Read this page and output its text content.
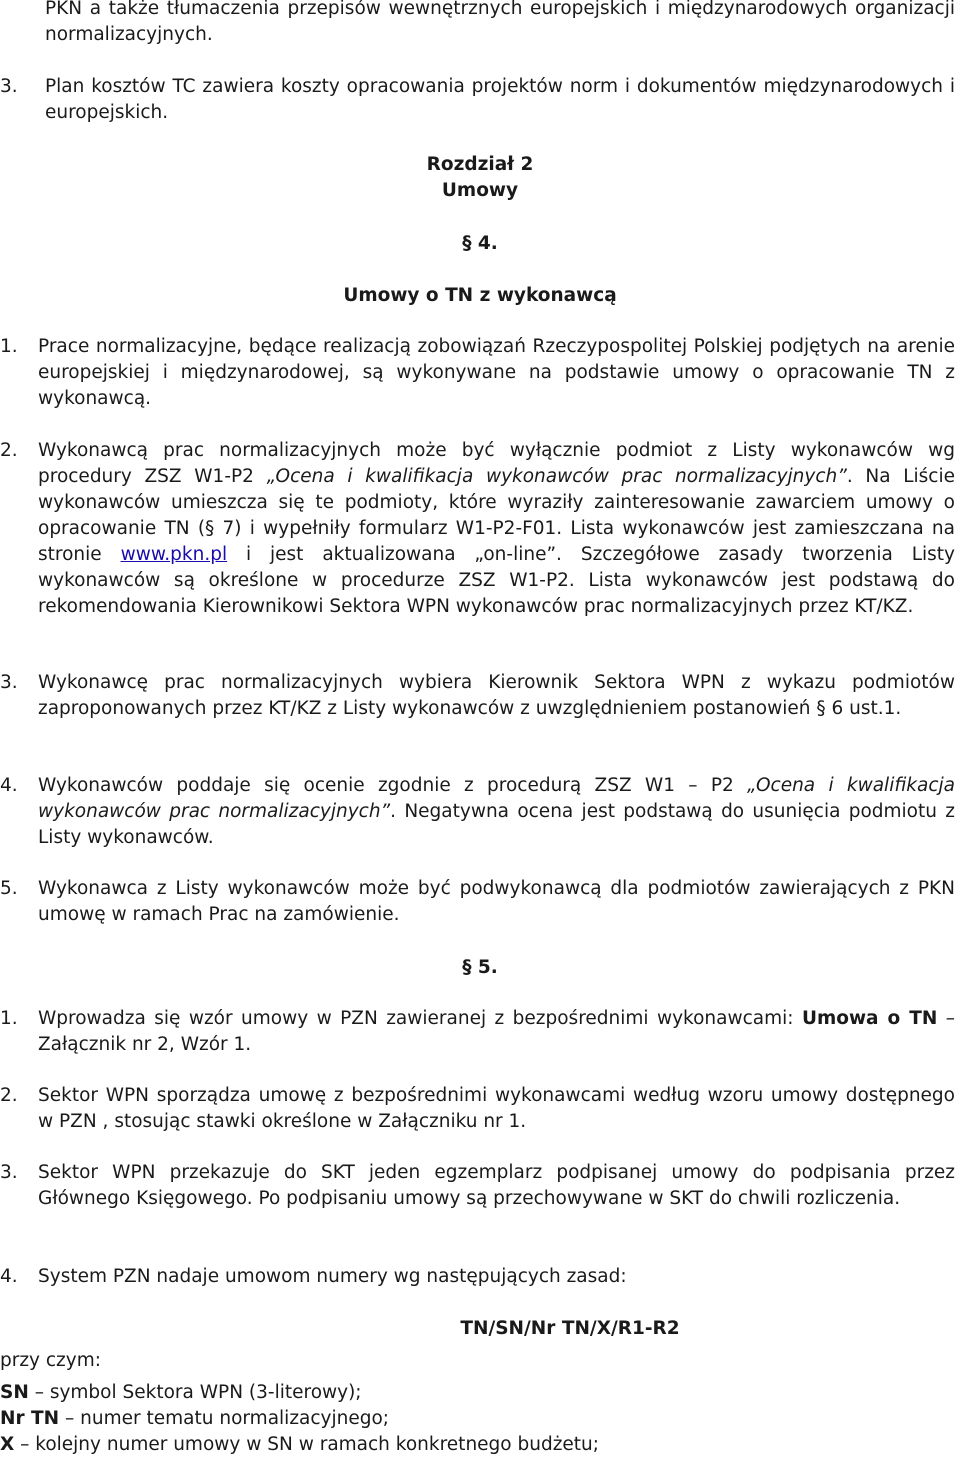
PKN a także tłumaczenia przepisów wewnętrznych europejskich i międzynarodowych organizacji normalizacyjnych.
3. Plan kosztów TC zawiera koszty opracowania projektów norm i dokumentów międzynarodowych i europejskich.
Rozdział 2
Umowy
§ 4.
Umowy o TN z wykonawcą
1. Prace normalizacyjne, będące realizacją zobowiązań Rzeczypospolitej Polskiej podjętych na arenie europejskiej i międzynarodowej, są wykonywane na podstawie umowy o opracowanie TN z wykonawcą.
2. Wykonawcą prac normalizacyjnych może być wyłącznie podmiot z Listy wykonawców wg procedury ZSZ W1-P2 „Ocena i kwalifikacja wykonawców prac normalizacyjnych”. Na Liście wykonawców umieszcza się te podmioty, które wyraziły zainteresowanie zawarciem umowy o opracowanie TN (§ 7) i wypełniły formularz W1-P2-F01. Lista wykonawców jest zamieszczana na stronie www.pkn.pl i jest aktualizowana „on-line”. Szczegółowe zasady tworzenia Listy wykonawców są określone w procedurze ZSZ W1-P2. Lista wykonawców jest podstawą do rekomendowania Kierownikowi Sektora WPN wykonawców prac normalizacyjnych przez KT/KZ.
3. Wykonawcę prac normalizacyjnych wybiera Kierownik Sektora WPN z wykazu podmiotów zaproponowanych przez KT/KZ z Listy wykonawców z uwzględnieniem postanowień § 6 ust.1.
4. Wykonawców poddaje się ocenie zgodnie z procedurą ZSZ W1 – P2 „Ocena i kwalifikacja wykonawców prac normalizacyjnych”. Negatywna ocena jest podstawą do usunięcia podmiotu z Listy wykonawców.
5. Wykonawca z Listy wykonawców może być podwykonawcą dla podmiotów zawierających z PKN umowę w ramach Prac na zamówienie.
§ 5.
1. Wprowadza się wzór umowy w PZN zawieranej z bezpośrednimi wykonawcami: Umowa o TN – Załącznik nr 2, Wzór 1.
2. Sektor WPN sporządza umowę z bezpośrednimi wykonawcami według wzoru umowy dostępnego w PZN , stosując stawki określone w Załączniku nr 1.
3. Sektor WPN przekazuje do SKT jeden egzemplarz podpisanej umowy do podpisania przez Głównego Księgowego. Po podpisaniu umowy są przechowywane w SKT do chwili rozliczenia.
4. System PZN nadaje umowom numery wg następujących zasad:
TN/SN/Nr TN/X/R1-R2
przy czym:
SN – symbol Sektora WPN (3-literowy);
Nr TN – numer tematu normalizacyjnego;
X – kolejny numer umowy w SN w ramach konkretnego budżetu;
